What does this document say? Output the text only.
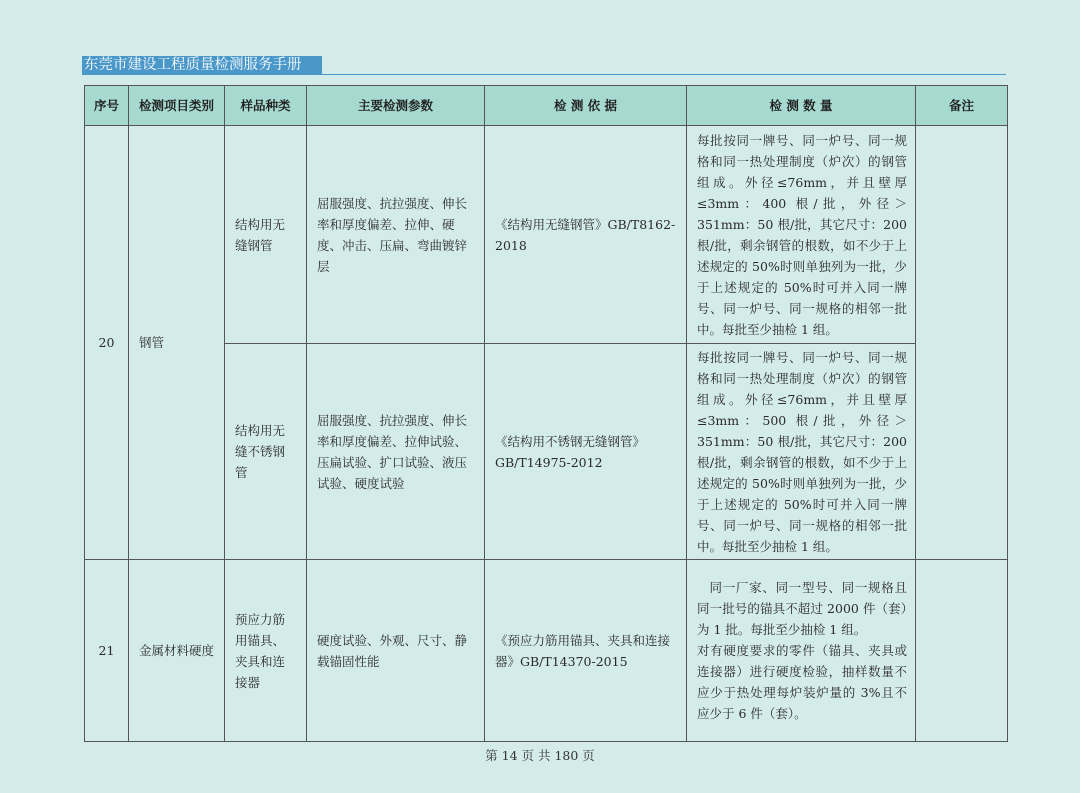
东莞市建设工程质量检测服务手册
序号	检测项目类别	样品种类	主要检测参数	检 测 依 据	检 测 数 量	备注
20	钢管	结构用无缝钢管	屈服强度、抗拉强度、伸长率和厚度偏差、拉伸、硬度、冲击、压扁、弯曲镀锌层	《结构用无缝钢管》GB/T8162-2018	每批按同一牌号、同一炉号、同一规格和同一热处理制度（炉次）的钢管组成。外径≤76mm，并且壁厚≤3mm：400 根/批，外径＞351mm：50 根/批，其它尺寸：200 根/批，剩余钢管的根数，如不少于上述规定的 50%时则单独列为一批，少于上述规定的 50%时可并入同一牌号、同一炉号、同一规格的相邻一批中。每批至少抽检 1 组。	
		结构用无缝不锈钢管	屈服强度、抗拉强度、伸长率和厚度偏差、拉伸试验、压扁试验、扩口试验、液压试验、硬度试验	《结构用不锈钢无缝钢管》GB/T14975-2012	每批按同一牌号、同一炉号、同一规格和同一热处理制度（炉次）的钢管组成。外径≤76mm，并且壁厚≤3mm：500 根/批，外径＞351mm：50 根/批，其它尺寸：200 根/批，剩余钢管的根数，如不少于上述规定的 50%时则单独列为一批，少于上述规定的 50%时可并入同一牌号、同一炉号、同一规格的相邻一批中。每批至少抽检 1 组。	
21	金属材料硬度	预应力筋用锚具、夹具和连接器	硬度试验、外观、尺寸、静载锚固性能	《预应力筋用锚具、夹具和连接器》GB/T14370-2015	同一厂家、同一型号、同一规格且同一批号的锚具不超过 2000 件（套）为 1 批。每批至少抽检 1 组。
对有硬度要求的零件（锚具、夹具或连接器）进行硬度检验，抽样数量不应少于热处理每炉装炉量的 3%且不应少于 6 件（套）。	

第 14 页 共 180 页
